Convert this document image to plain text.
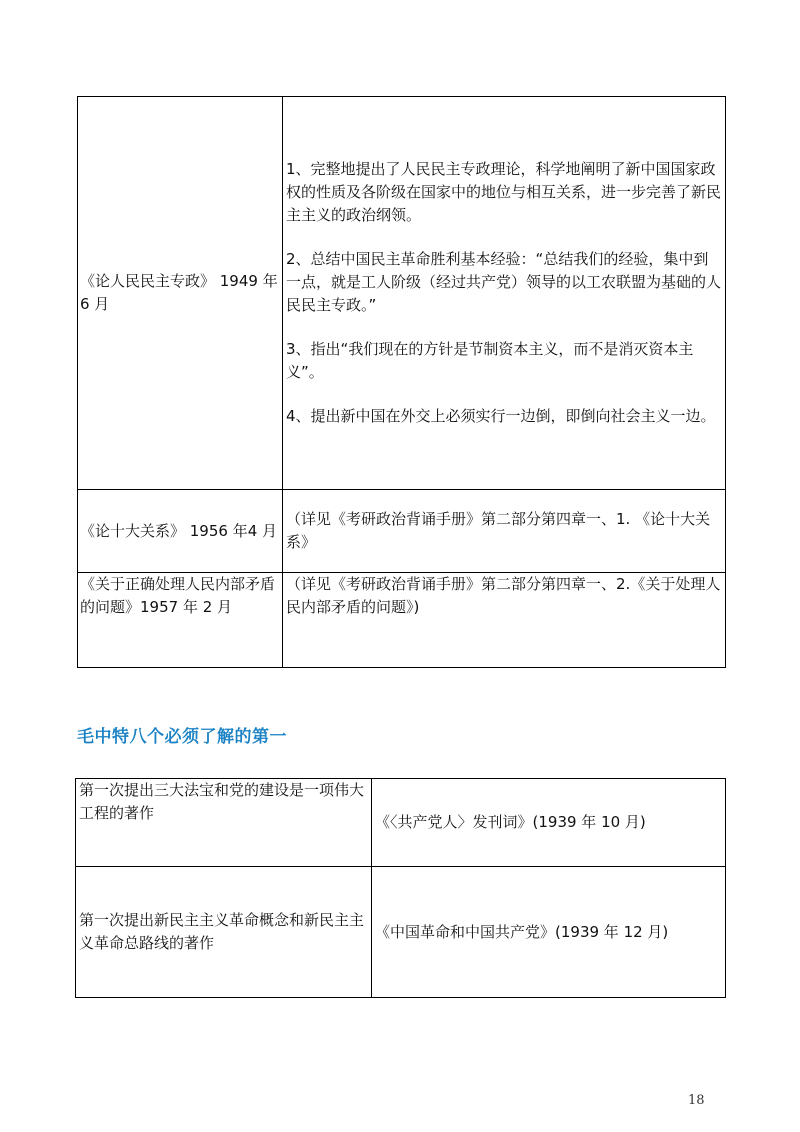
《论人民民主专政》 1949 年6 月	1、完整地提出了人民民主专政理论，科学地阐明了新中国国家政权的性质及各阶级在国家中的地位与相互关系，进一步完善了新民主主义的政治纲领。

2、总结中国民主革命胜利基本经验：“总结我们的经验，集中到一点，就是工人阶级（经过共产党）领导的以工农联盟为基础的人民民主专政。”

3、指出“我们现在的方针是节制资本主义，而不是消灭资本主义”。

4、提出新中国在外交上必须实行一边倒，即倒向社会主义一边。

《论十大关系》 1956 年4 月	（详见《考研政治背诵手册》第二部分第四章一、1. 《论十大关系》
《关于正确处理人民内部矛盾 的问题》1957 年 2 月	（详见《考研政治背诵手册》第二部分第四章一、2.《关于处理人民内部矛盾的问题》)
毛中特八个必须了解的第一
第一次提出三大法宝和党的建设是一项伟大工程的著作	《〈共产党人〉发刊词》(1939 年 10 月)
第一次提出新民主主义革命概念和新民主主义革命总路线的著作	《中国革命和中国共产党》(1939 年 12 月)
18
